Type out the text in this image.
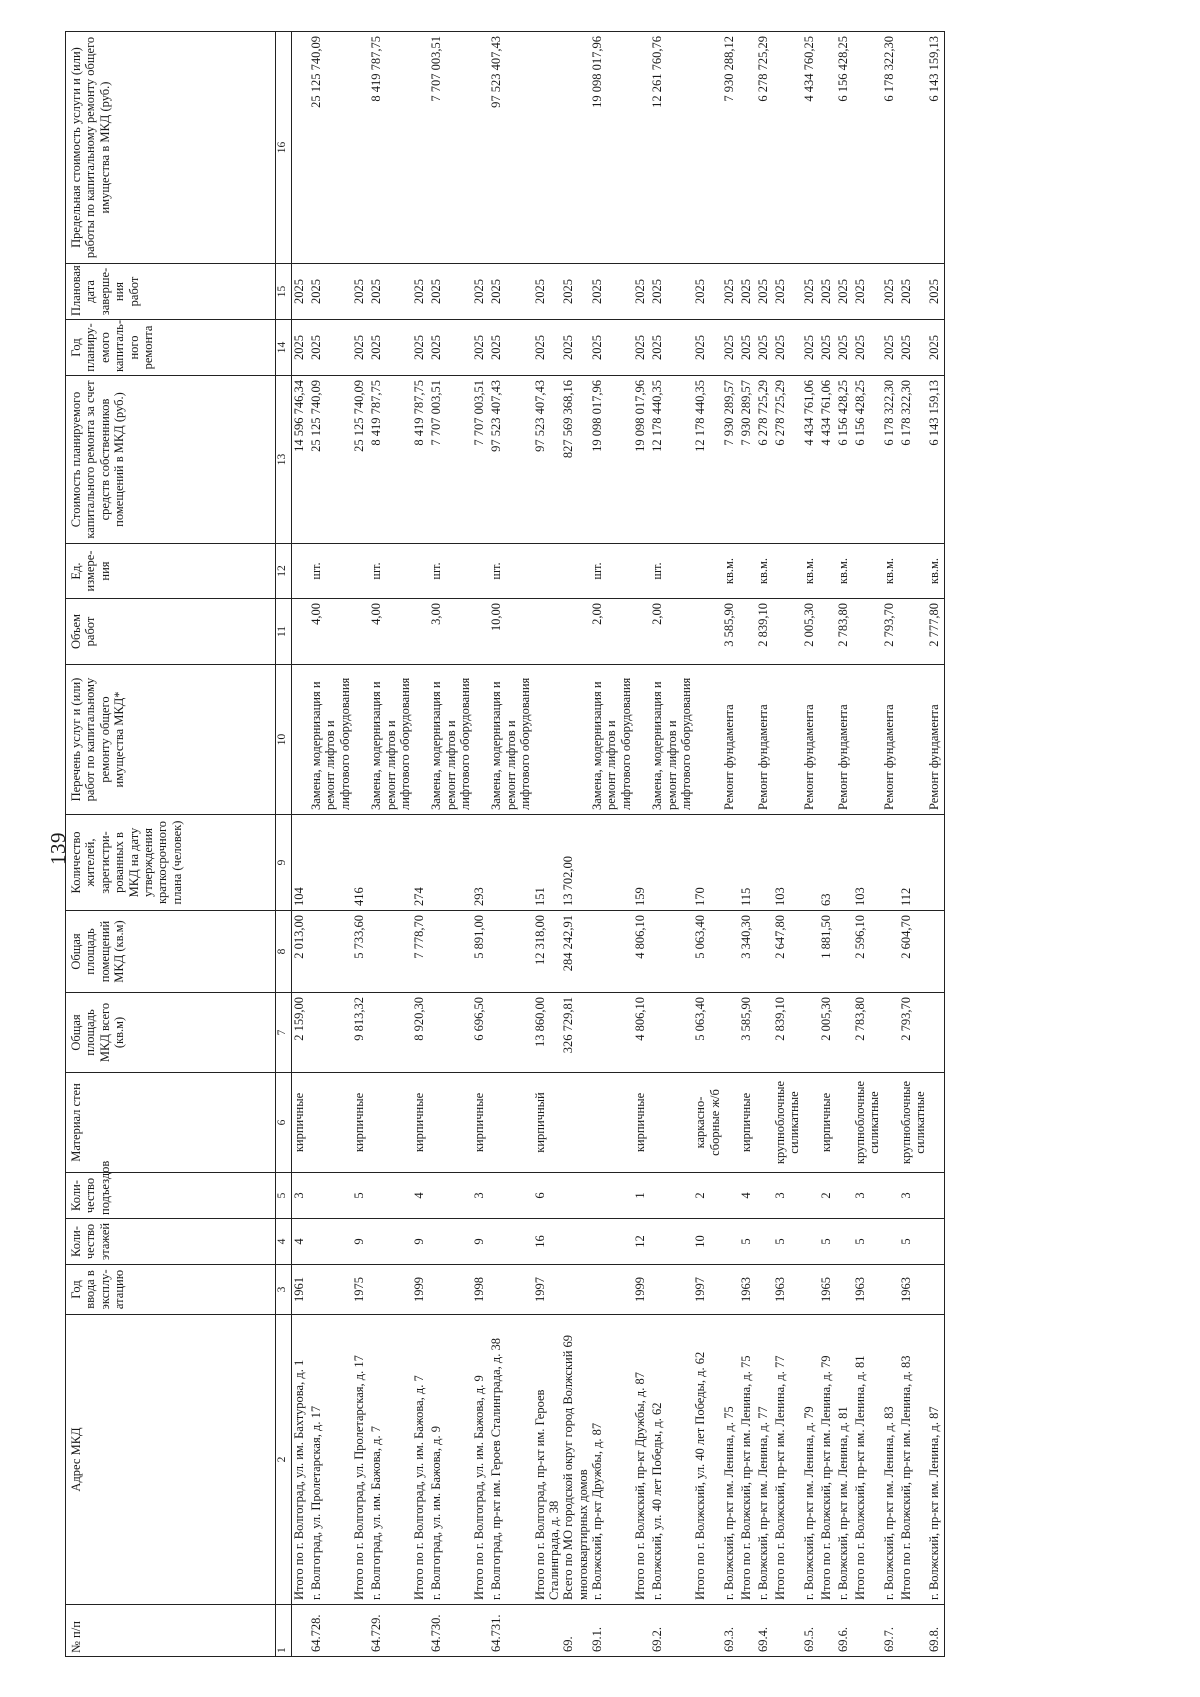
139
№ п/п	Адрес МКД	Год ввода в эксплу-атацию	Коли-чество этажей	Коли-чество подъездов	Материал стен	Общая площадь МКД всего (кв.м)	Общая площадь помещений МКД (кв.м)	Количество жителей, зарегистри-рованных в МКД на дату утверждения краткосрочного плана (человек)	Перечень услуг и (или) работ по капитальному ремонту общего имущества МКД*	Объем работ	Ед. измере-ния	Стоимость планируемого капитального ремонта за счет средств собственников помещений в МКД (руб.)	Год планиру-емого капиталь-ного ремонта	Плановая дата заверше-ния работ	Предельная стоимость услуги и (или) работы по капитальному ремонту общего имущества в МКД (руб.)
1	2	3	4	5	6	7	8	9	10	11	12	13	14	15	16
	Итого по г. Волгоград, ул. им. Бахтурова, д. 1	1961	4	3	кирпичные	2 159,00	2 013,00	104				14 596 746,34	2025	2025	
64.728.	г. Волгоград, ул. Пролетарская, д. 17								Замена, модернизация и ремонт лифтов и лифтового оборудования	4,00	шт.	25 125 740,09	2025	2025	25 125 740,09
	Итого по г. Волгоград, ул. Пролетарская, д. 17	1975	9	5	кирпичные	9 813,32	5 733,60	416				25 125 740,09	2025	2025	
64.729.	г. Волгоград, ул. им. Бажова, д. 7								Замена, модернизация и ремонт лифтов и лифтового оборудования	4,00	шт.	8 419 787,75	2025	2025	8 419 787,75
	Итого по г. Волгоград, ул. им. Бажова, д. 7	1999	9	4	кирпичные	8 920,30	7 778,70	274				8 419 787,75	2025	2025	
64.730.	г. Волгоград, ул. им. Бажова, д. 9								Замена, модернизация и ремонт лифтов и лифтового оборудования	3,00	шт.	7 707 003,51	2025	2025	7 707 003,51
	Итого по г. Волгоград, ул. им. Бажова, д. 9	1998	9	3	кирпичные	6 696,50	5 891,00	293				7 707 003,51	2025	2025	
64.731.	г. Волгоград, пр-кт им. Героев Сталинграда, д. 38								Замена, модернизация и ремонт лифтов и лифтового оборудования	10,00	шт.	97 523 407,43	2025	2025	97 523 407,43
	Итого по г. Волгоград, пр-кт им. Героев Сталинграда, д. 38	1997	16	6	кирпичный	13 860,00	12 318,00	151				97 523 407,43	2025	2025	
69.	Всего по МО городской округ город Волжский 69 многоквартирных домов					326 729,81	284 242,91	13 702,00				827 569 368,16	2025	2025	
69.1.	г. Волжский, пр-кт Дружбы, д. 87								Замена, модернизация и ремонт лифтов и лифтового оборудования	2,00	шт.	19 098 017,96	2025	2025	19 098 017,96
	Итого по г. Волжский, пр-кт Дружбы, д. 87	1999	12	1	кирпичные	4 806,10	4 806,10	159				19 098 017,96	2025	2025	
69.2.	г. Волжский, ул. 40 лет Победы, д. 62								Замена, модернизация и ремонт лифтов и лифтового оборудования	2,00	шт.	12 178 440,35	2025	2025	12 261 760,76
	Итого по г. Волжский, ул. 40 лет Победы, д. 62	1997	10	2	каркасно-сборные ж/б	5 063,40	5 063,40	170				12 178 440,35	2025	2025	
69.3.	г. Волжский, пр-кт им. Ленина, д. 75								Ремонт фундамента	3 585,90	кв.м.	7 930 289,57	2025	2025	7 930 288,12
	Итого по г. Волжский, пр-кт им. Ленина, д. 75	1963	5	4	кирпичные	3 585,90	3 340,30	115				7 930 289,57	2025	2025	
69.4.	г. Волжский, пр-кт им. Ленина, д. 77								Ремонт фундамента	2 839,10	кв.м.	6 278 725,29	2025	2025	6 278 725,29
	Итого по г. Волжский, пр-кт им. Ленина, д. 77	1963	5	3	крупноблочные силикатные	2 839,10	2 647,80	103				6 278 725,29	2025	2025	
69.5.	г. Волжский, пр-кт им. Ленина, д. 79								Ремонт фундамента	2 005,30	кв.м.	4 434 761,06	2025	2025	4 434 760,25
	Итого по г. Волжский, пр-кт им. Ленина, д. 79	1965	5	2	кирпичные	2 005,30	1 881,50	63				4 434 761,06	2025	2025	
69.6.	г. Волжский, пр-кт им. Ленина, д. 81								Ремонт фундамента	2 783,80	кв.м.	6 156 428,25	2025	2025	6 156 428,25
	Итого по г. Волжский, пр-кт им. Ленина, д. 81	1963	5	3	крупноблочные силикатные	2 783,80	2 596,10	103				6 156 428,25	2025	2025	
69.7.	г. Волжский, пр-кт им. Ленина, д. 83								Ремонт фундамента	2 793,70	кв.м.	6 178 322,30	2025	2025	6 178 322,30
	Итого по г. Волжский, пр-кт им. Ленина, д. 83	1963	5	3	крупноблочные силикатные	2 793,70	2 604,70	112				6 178 322,30	2025	2025	
69.8.	г. Волжский, пр-кт им. Ленина, д. 87								Ремонт фундамента	2 777,80	кв.м.	6 143 159,13	2025	2025	6 143 159,13
